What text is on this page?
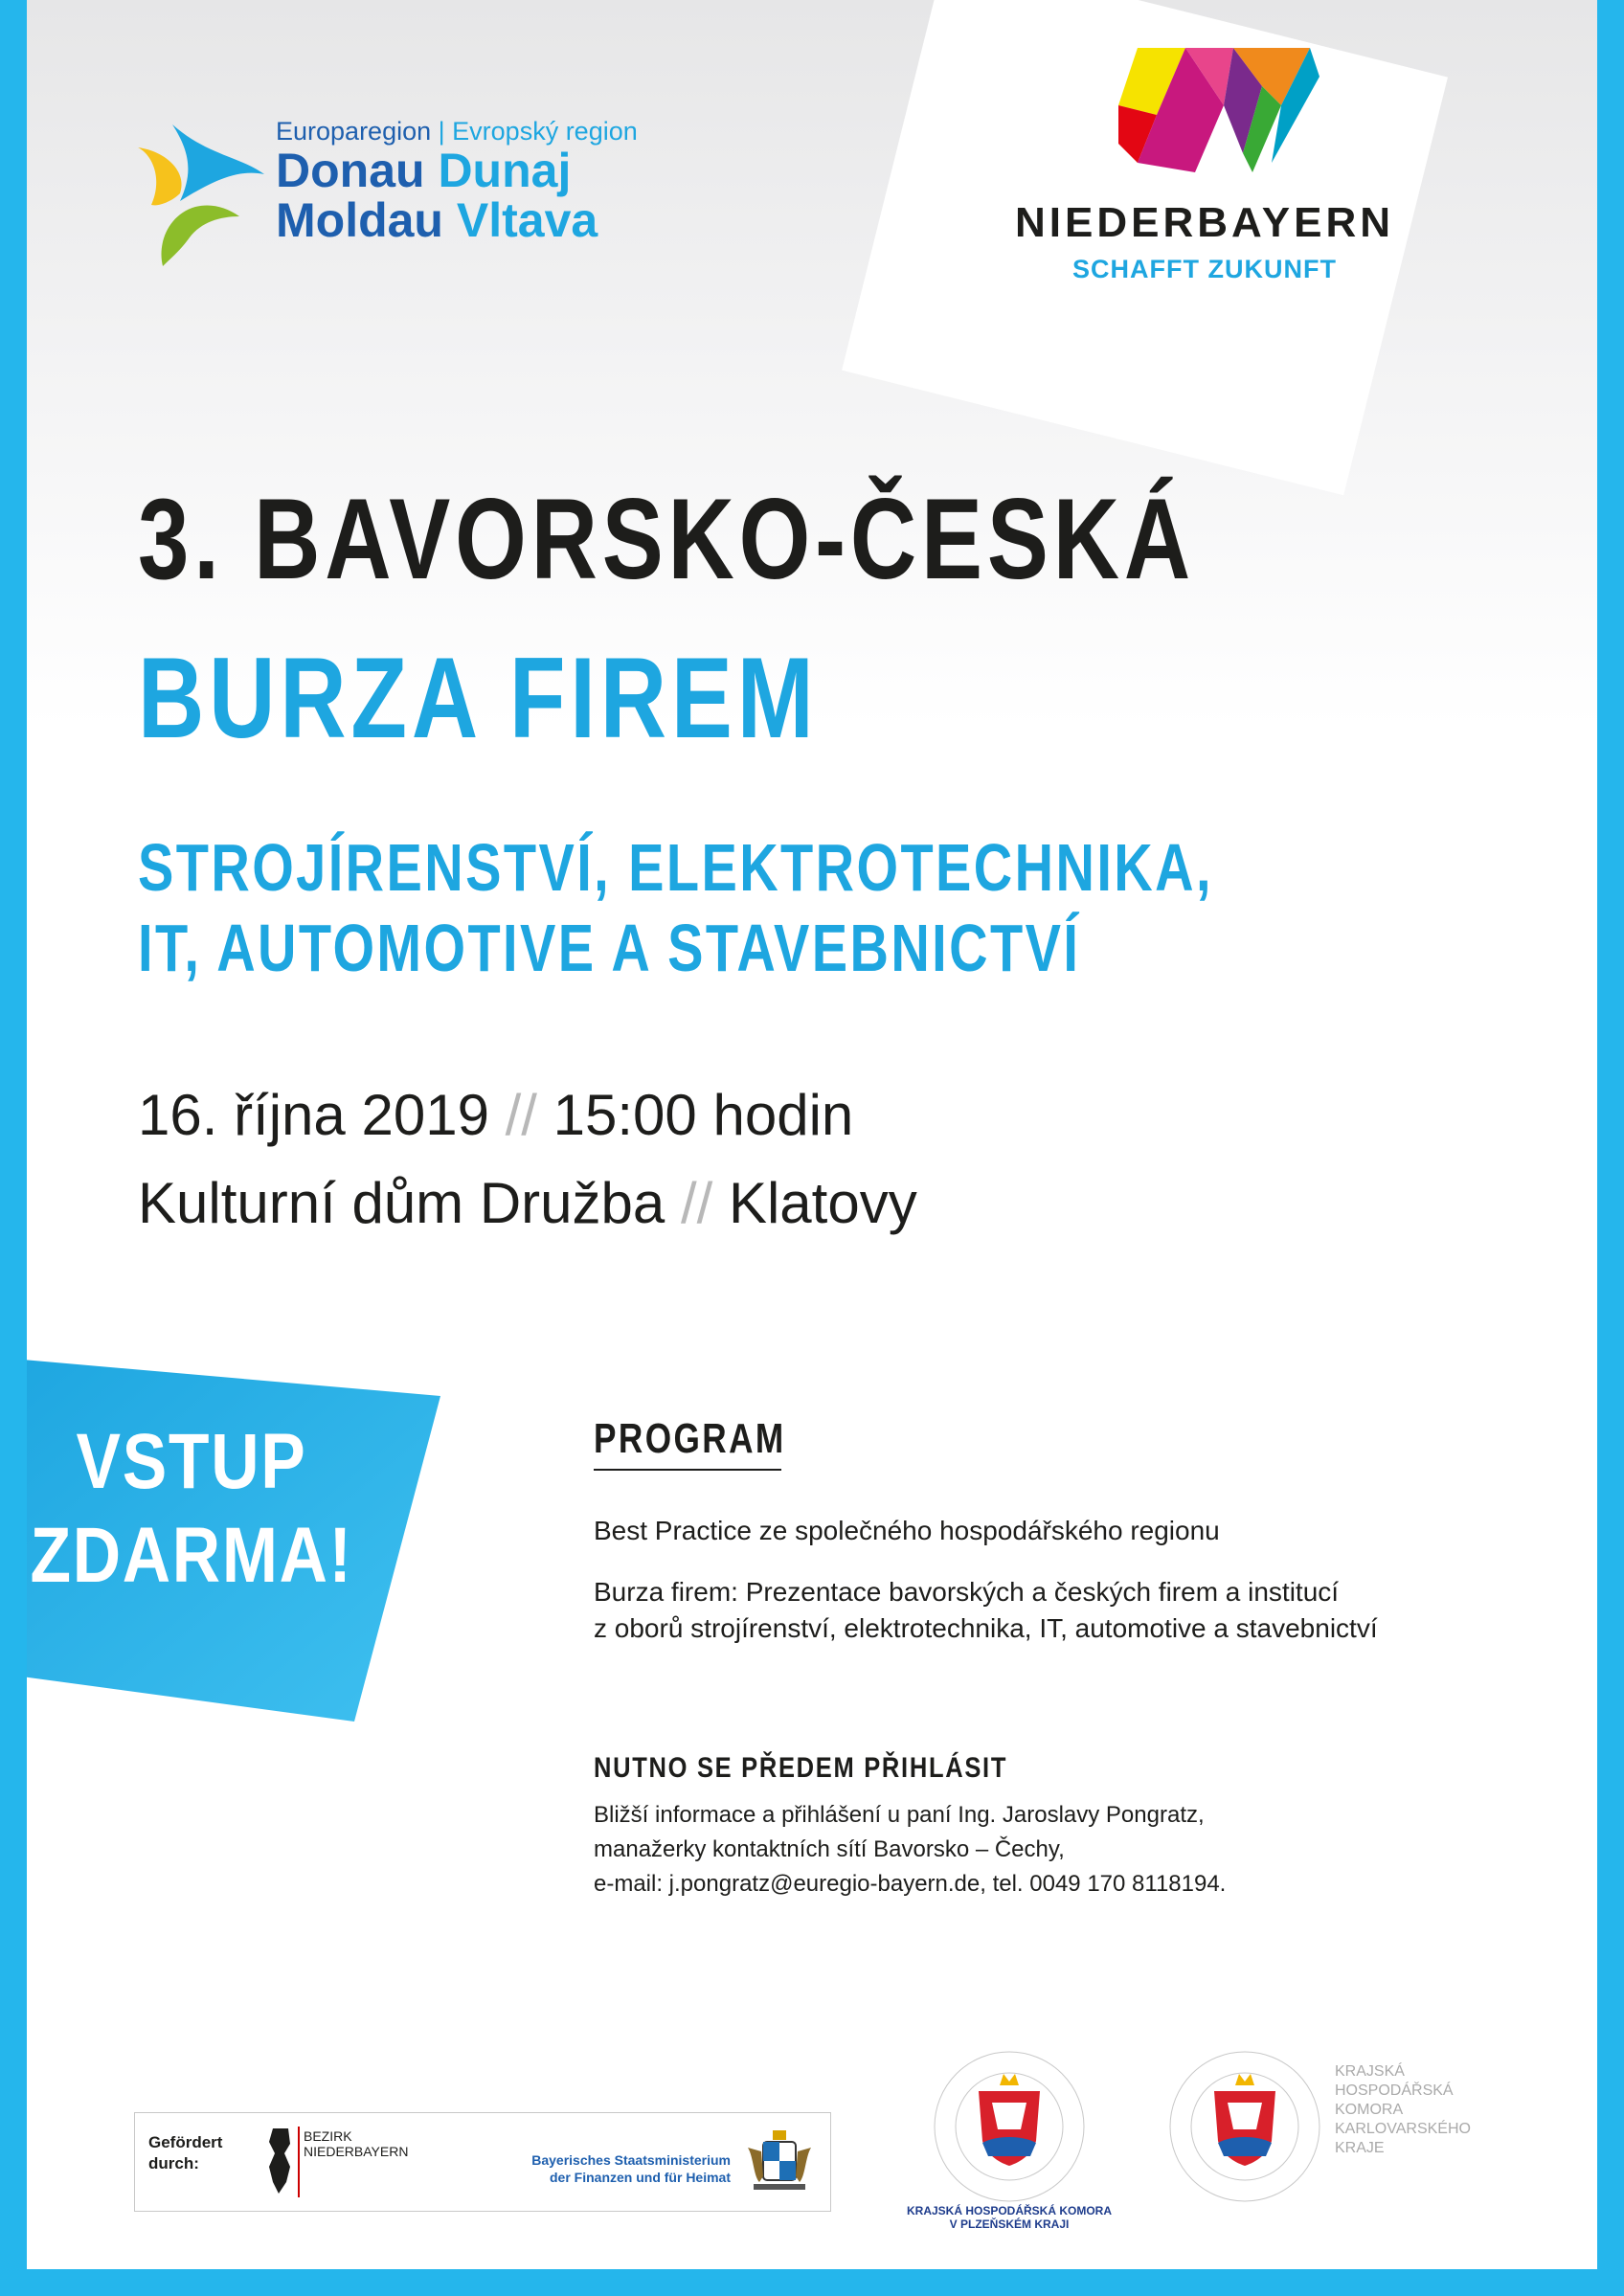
Europaregion | Evropský region
Donau Dunaj
Moldau Vltava	NIEDERBAYERN
SCHAFFT ZUKUNFT
3. BAVORSKO-ČESKÁ
BURZA FIREM
STROJÍRENSTVÍ, ELEKTROTECHNIKA,
IT, AUTOMOTIVE A STAVEBNICTVÍ
16. října 2019 // 15:00 hodin
Kulturní dům Družba // Klatovy
VSTUP
ZDARMA!
PROGRAM
Best Practice ze společného hospodářského regionu
Burza firem: Prezentace bavorských a českých firem a institucí
z oborů strojírenství, elektrotechnika, IT, automotive a stavebnictví
NUTNO SE PŘEDEM PŘIHLÁSIT
Bližší informace a přihlášení u paní Ing. Jaroslavy Pongratz,
manažerky kontaktních sítí Bavorsko – Čechy,
e-mail: j.pongratz@euregio-bayern.de, tel. 0049 170 8118194.
Gefördert
durch:
BEZIRK
NIEDERBAYERN
Bayerisches Staatsministerium
der Finanzen und für Heimat
KRAJSKÁ HOSPODÁŘSKÁ KOMORA
V PLZEŇSKÉM KRAJI
KRAJSKÁ
HOSPODÁŘSKÁ
KOMORA
KARLOVARSKÉHO
KRAJE
